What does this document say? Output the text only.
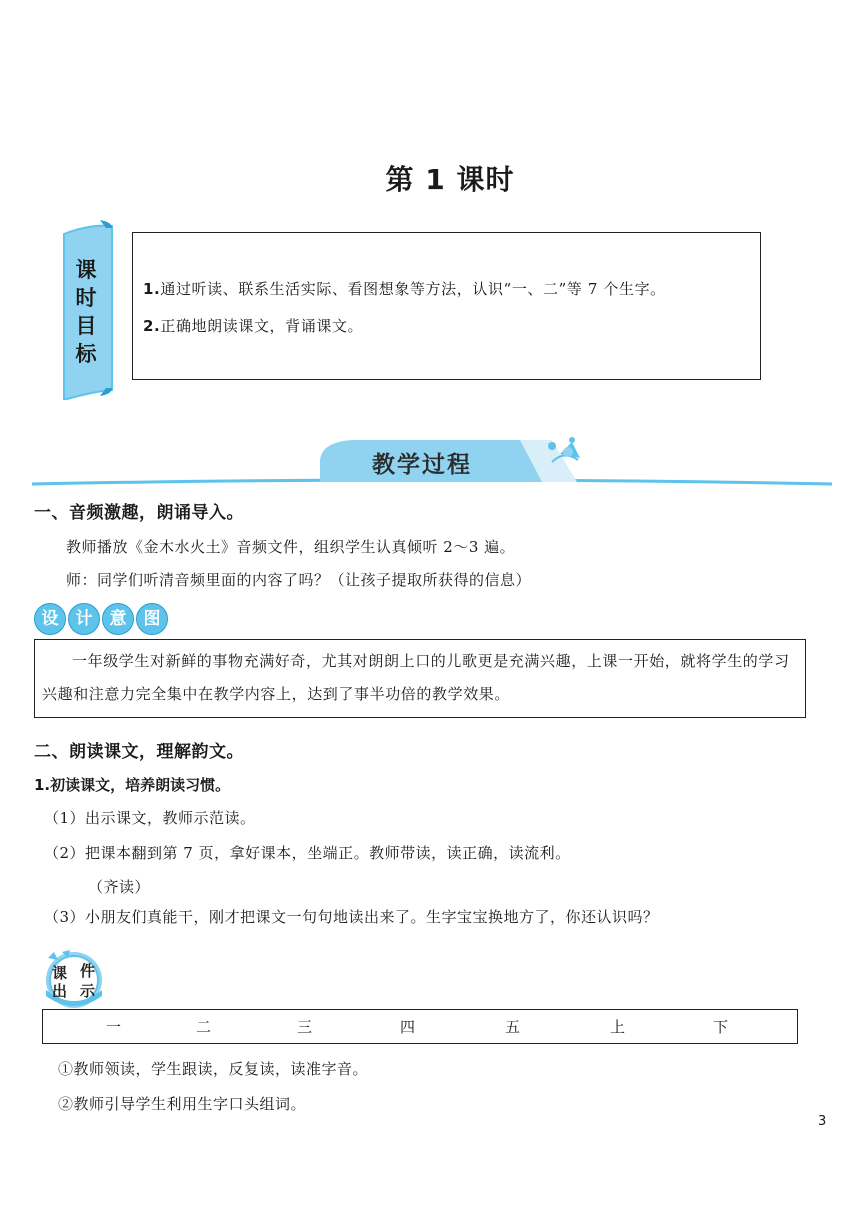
第 1 课时
课
时
目
标
1.通过听读、联系生活实际、看图想象等方法，认识“一、二”等 7 个生字。
2.正确地朗读课文，背诵课文。
教学过程
一、音频激趣，朗诵导入。
教师播放《金木水火土》音频文件，组织学生认真倾听 2～3 遍。
师：同学们听清音频里面的内容了吗？（让孩子提取所获得的信息）
设	计	意	图
一年级学生对新鲜的事物充满好奇，尤其对朗朗上口的儿歌更是充满兴趣，上课一开始，就将学生的学习兴趣和注意力完全集中在教学内容上，达到了事半功倍的教学效果。
二、朗读课文，理解韵文。
1.初读课文，培养朗读习惯。
（1）出示课文，教师示范读。
（2）把课本翻到第 7 页，拿好课本，坐端正。教师带读，读正确，读流利。
（齐读）
（3）小朋友们真能干，刚才把课文一句句地读出来了。生字宝宝换地方了，你还认识吗？
课 件
出 示
一	二	三	四	五	上	下
①教师领读，学生跟读，反复读，读准字音。
②教师引导学生利用生字口头组词。
3
